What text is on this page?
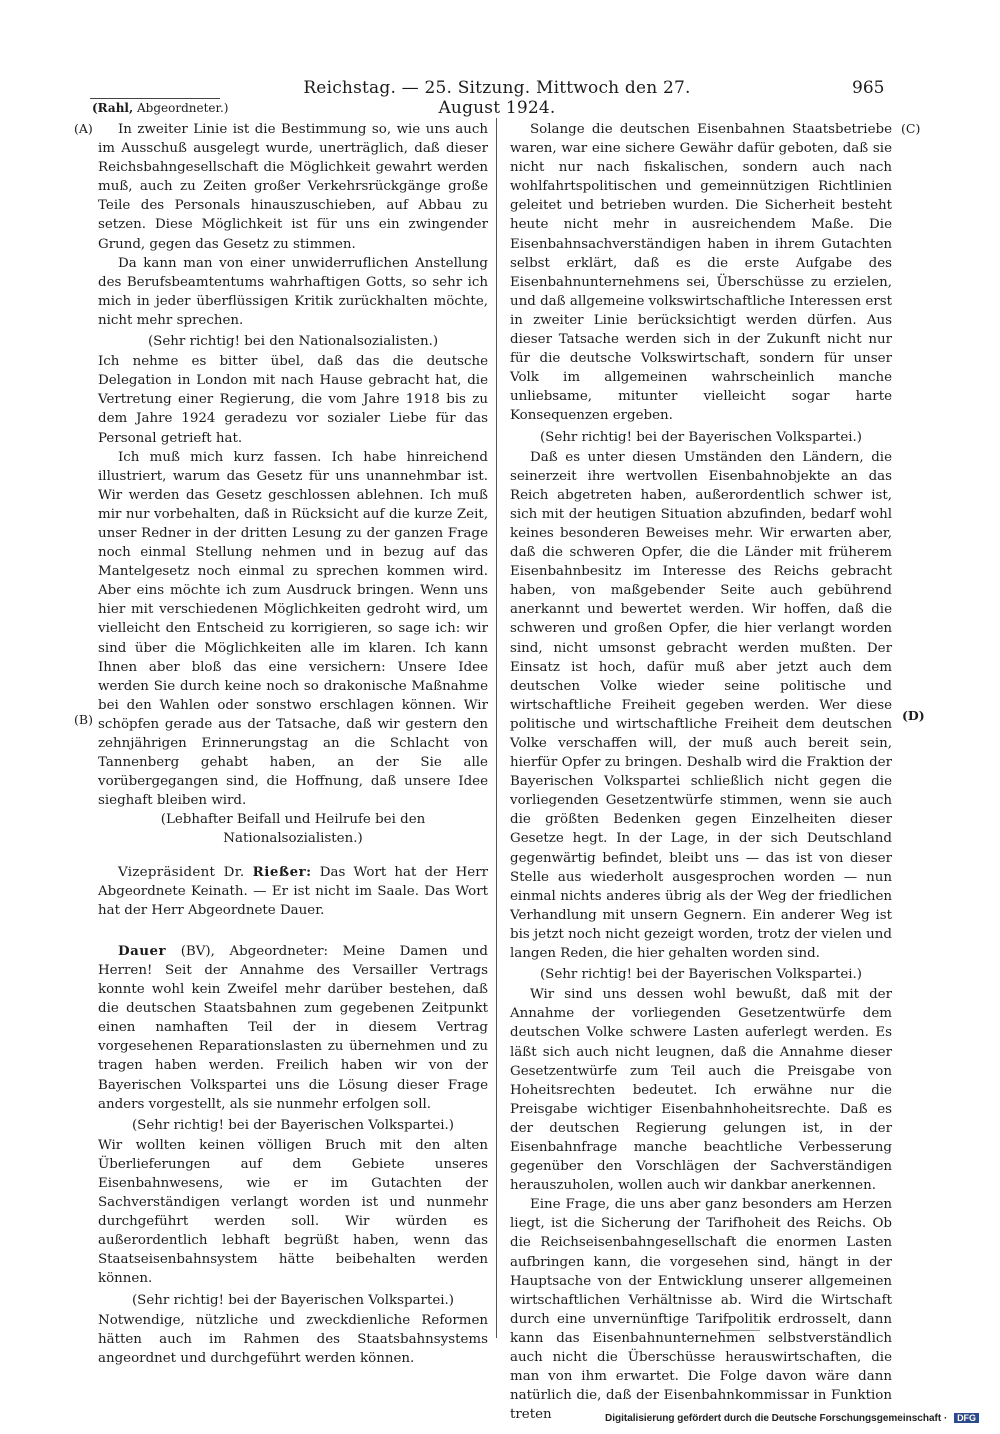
Reichstag. — 25. Sitzung. Mittwoch den 27. August 1924.
965
(Rahl, Abgeordneter.)
(A)
(B)
(C)
(D)

In zweiter Linie ist die Bestimmung so, wie uns auch im Ausschuß ausgelegt wurde, unerträglich, daß dieser Reichsbahngesellschaft die Möglichkeit gewahrt werden muß, auch zu Zeiten großer Verkehrsrückgänge große Teile des Personals hinauszuschieben, auf Abbau zu setzen. Diese Möglichkeit ist für uns ein zwingender Grund, gegen das Gesetz zu stimmen.

Da kann man von einer unwiderruflichen Anstellung des Berufsbeamtentums wahrhaftigen Gotts, so sehr ich mich in jeder überflüssigen Kritik zurückhalten möchte, nicht mehr sprechen.

(Sehr richtig! bei den Nationalsozialisten.)

Ich nehme es bitter übel, daß das die deutsche Delegation in London mit nach Hause gebracht hat, die Vertretung einer Regierung, die vom Jahre 1918 bis zu dem Jahre 1924 geradezu vor sozialer Liebe für das Personal getrieft hat.

Ich muß mich kurz fassen. Ich habe hinreichend illustriert, warum das Gesetz für uns unannehmbar ist. Wir werden das Gesetz geschlossen ablehnen. Ich muß mir nur vorbehalten, daß in Rücksicht auf die kurze Zeit, unser Redner in der dritten Lesung zu der ganzen Frage noch einmal Stellung nehmen und in bezug auf das Mantelgesetz noch einmal zu sprechen kommen wird. Aber eins möchte ich zum Ausdruck bringen. Wenn uns hier mit verschiedenen Möglichkeiten gedroht wird, um vielleicht den Entscheid zu korrigieren, so sage ich: wir sind über die Möglichkeiten alle im klaren. Ich kann Ihnen aber bloß das eine versichern: Unsere Idee werden Sie durch keine noch so drakonische Maßnahme bei den Wahlen oder sonstwo erschlagen können. Wir schöpfen gerade aus der Tatsache, daß wir gestern den zehnjährigen Erinnerungstag an die Schlacht von Tannenberg gehabt haben, an der Sie alle vorübergegangen sind, die Hoffnung, daß unsere Idee sieghaft bleiben wird.

(Lebhafter Beifall und Heilrufe bei den Nationalsozialisten.)

Vizepräsident Dr. Rießer: Das Wort hat der Herr Abgeordnete Keinath. — Er ist nicht im Saale. Das Wort hat der Herr Abgeordnete Dauer.

Dauer (BV), Abgeordneter: Meine Damen und Herren! Seit der Annahme des Versailler Vertrags konnte wohl kein Zweifel mehr darüber bestehen, daß die deutschen Staatsbahnen zum gegebenen Zeitpunkt einen namhaften Teil der in diesem Vertrag vorgesehenen Reparationslasten zu übernehmen und zu tragen haben werden. Freilich haben wir von der Bayerischen Volkspartei uns die Lösung dieser Frage anders vorgestellt, als sie nunmehr erfolgen soll.

(Sehr richtig! bei der Bayerischen Volkspartei.)

Wir wollten keinen völligen Bruch mit den alten Überlieferungen auf dem Gebiete unseres Eisenbahnwesens, wie er im Gutachten der Sachverständigen verlangt worden ist und nunmehr durchgeführt werden soll. Wir würden es außerordentlich lebhaft begrüßt haben, wenn das Staatseisenbahnsystem hätte beibehalten werden können.

(Sehr richtig! bei der Bayerischen Volkspartei.)

Notwendige, nützliche und zweckdienliche Reformen hätten auch im Rahmen des Staatsbahnsystems angeordnet und durchgeführt werden können.

Solange die deutschen Eisenbahnen Staatsbetriebe waren, war eine sichere Gewähr dafür geboten, daß sie nicht nur nach fiskalischen, sondern auch nach wohlfahrtspolitischen und gemeinnützigen Richtlinien geleitet und betrieben wurden. Die Sicherheit besteht heute nicht mehr in ausreichendem Maße. Die Eisenbahnsachverständigen haben in ihrem Gutachten selbst erklärt, daß es die erste Aufgabe des Eisenbahnunternehmens sei, Überschüsse zu erzielen, und daß allgemeine volkswirtschaftliche Interessen erst in zweiter Linie berücksichtigt werden dürfen. Aus dieser Tatsache werden sich in der Zukunft nicht nur für die deutsche Volkswirtschaft, sondern für unser Volk im allgemeinen wahrscheinlich manche unliebsame, mitunter vielleicht sogar harte Konsequenzen ergeben.

(Sehr richtig! bei der Bayerischen Volkspartei.)

Daß es unter diesen Umständen den Ländern, die seinerzeit ihre wertvollen Eisenbahnobjekte an das Reich abgetreten haben, außerordentlich schwer ist, sich mit der heutigen Situation abzufinden, bedarf wohl keines besonderen Beweises mehr. Wir erwarten aber, daß die schweren Opfer, die die Länder mit früherem Eisenbahnbesitz im Interesse des Reichs gebracht haben, von maßgebender Seite auch gebührend anerkannt und bewertet werden. Wir hoffen, daß die schweren und großen Opfer, die hier verlangt worden sind, nicht umsonst gebracht werden mußten. Der Einsatz ist hoch, dafür muß aber jetzt auch dem deutschen Volke wieder seine politische und wirtschaftliche Freiheit gegeben werden. Wer diese politische und wirtschaftliche Freiheit dem deutschen Volke verschaffen will, der muß auch bereit sein, hierfür Opfer zu bringen. Deshalb wird die Fraktion der Bayerischen Volkspartei schließlich nicht gegen die vorliegenden Gesetzentwürfe stimmen, wenn sie auch die größten Bedenken gegen Einzelheiten dieser Gesetze hegt. In der Lage, in der sich Deutschland gegenwärtig befindet, bleibt uns — das ist von dieser Stelle aus wiederholt ausgesprochen worden — nun einmal nichts anderes übrig als der Weg der friedlichen Verhandlung mit unsern Gegnern. Ein anderer Weg ist bis jetzt noch nicht gezeigt worden, trotz der vielen und langen Reden, die hier gehalten worden sind.

(Sehr richtig! bei der Bayerischen Volkspartei.)

Wir sind uns dessen wohl bewußt, daß mit der Annahme der vorliegenden Gesetzentwürfe dem deutschen Volke schwere Lasten auferlegt werden. Es läßt sich auch nicht leugnen, daß die Annahme dieser Gesetzentwürfe zum Teil auch die Preisgabe von Hoheitsrechten bedeutet. Ich erwähne nur die Preisgabe wichtiger Eisenbahnhoheitsrechte. Daß es der deutschen Regierung gelungen ist, in der Eisenbahnfrage manche beachtliche Verbesserung gegenüber den Vorschlägen der Sachverständigen herauszuholen, wollen auch wir dankbar anerkennen.

Eine Frage, die uns aber ganz besonders am Herzen liegt, ist die Sicherung der Tarifhoheit des Reichs. Ob die Reichseisenbahngesellschaft die enormen Lasten aufbringen kann, die vorgesehen sind, hängt in der Hauptsache von der Entwicklung unserer allgemeinen wirtschaftlichen Verhältnisse ab. Wird die Wirtschaft durch eine unvernünftige Tarifpolitik erdrosselt, dann kann das Eisenbahnunternehmen selbstverständlich auch nicht die Überschüsse herauswirtschaften, die man von ihm erwartet. Die Folge davon wäre dann natürlich die, daß der Eisenbahnkommissar in Funktion treten	Digitalisierung gefördert durch die Deutsche Forschungsgemeinschaft · DFG
